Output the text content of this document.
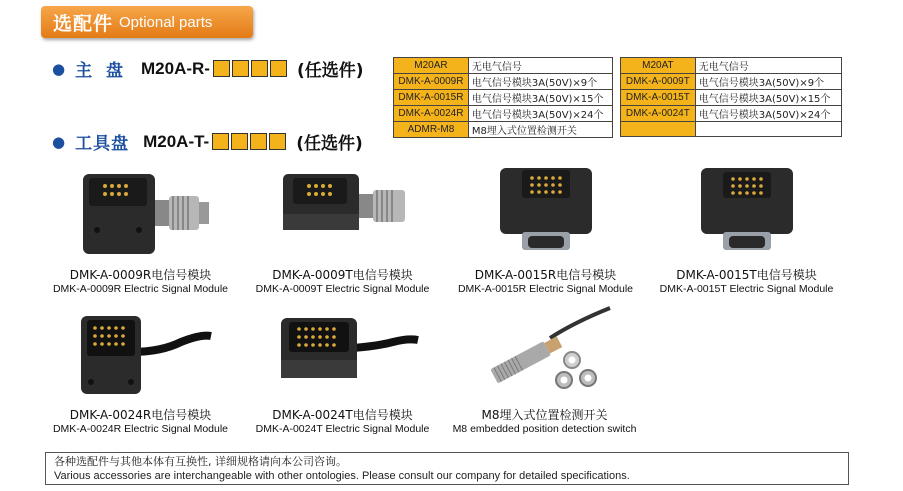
选配件 Optional parts
● 主 盘 M20A-R-	(任选件)
● 工具盘 M20A-T-	(任选件)
M20AR	无电气信号
DMK-A-0009R	电气信号模块3A(50V)×9个
DMK-A-0015R	电气信号模块3A(50V)×15个
DMK-A-0024R	电气信号模块3A(50V)×24个
ADMR-M8	M8埋入式位置检测开关
M20AT	无电气信号
DMK-A-0009T	电气信号模块3A(50V)×9个
DMK-A-0015T	电气信号模块3A(50V)×15个
DMK-A-0024T	电气信号模块3A(50V)×24个

DMK-A-0009R电信号模块
DMK-A-0009R Electric Signal Module
DMK-A-0009T电信号模块
DMK-A-0009T Electric Signal Module
DMK-A-0015R电信号模块
DMK-A-0015R Electric Signal Module
DMK-A-0015T电信号模块
DMK-A-0015T Electric Signal Module
DMK-A-0024R电信号模块
DMK-A-0024R Electric Signal Module
DMK-A-0024T电信号模块
DMK-A-0024T Electric Signal Module
M8埋入式位置检测开关
M8 embedded position detection switch
各种选配件与其他本体有互换性, 详细规格请向本公司咨询。
Various accessories are interchangeable with other ontologies. Please consult our company for detailed specifications.
